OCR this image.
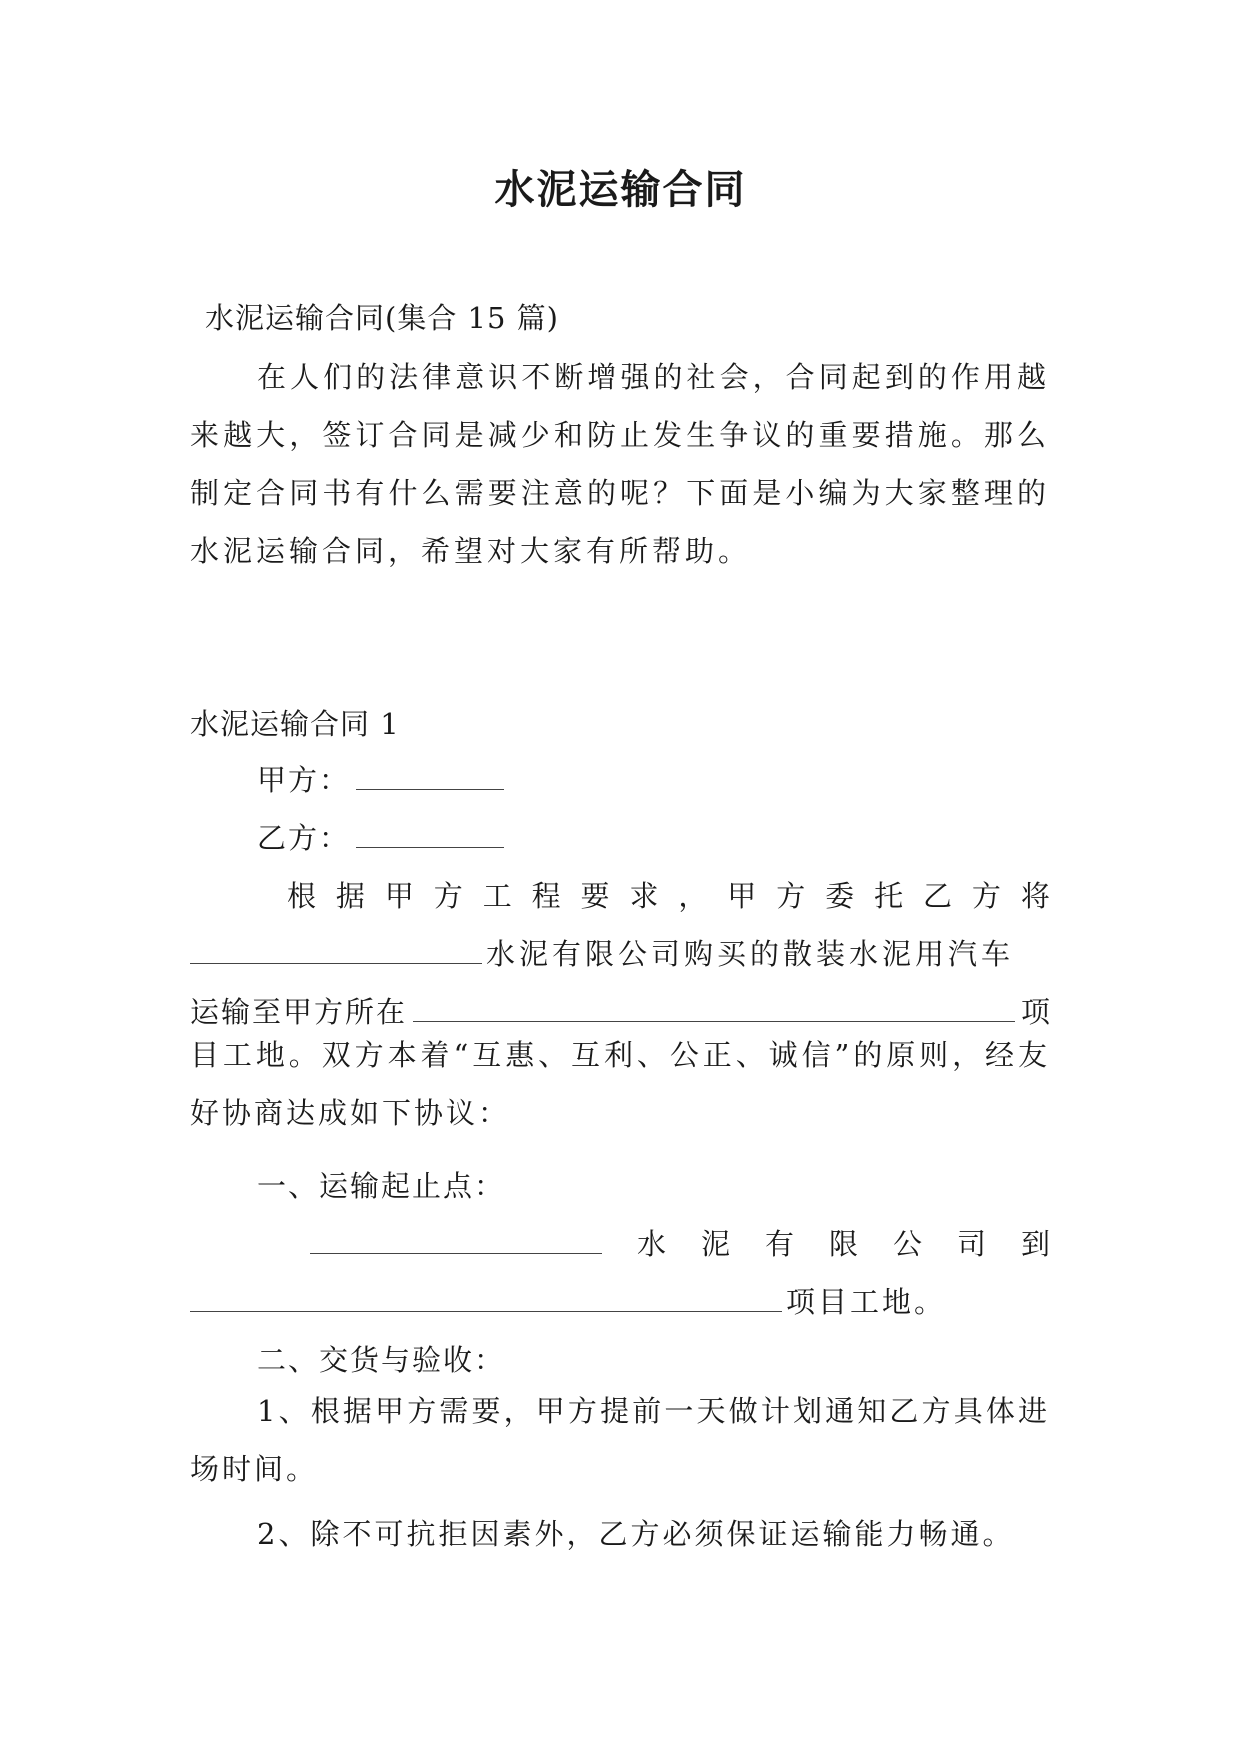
水泥运输合同

水泥运输合同(集合 15 篇)

在人们的法律意识不断增强的社会，合同起到的作用越来越大，签订合同是减少和防止发生争议的重要措施。那么制定合同书有什么需要注意的呢？下面是小编为大家整理的水泥运输合同，希望对大家有所帮助。

水泥运输合同 1

甲方：

乙方：

根 据 甲 方 工 程 要 求 ， 甲 方 委 托 乙 方 将

水泥有限公司购买的散装水泥用汽车

运输至甲方所在	项

目工地。双方本着“互惠、互利、公正、诚信”的原则，经友好协商达成如下协议：

一、运输起止点：

水 泥 有 限 公 司 到

项目工地。

二、交货与验收：

1、根据甲方需要，甲方提前一天做计划通知乙方具体进场时间。

2、除不可抗拒因素外，乙方必须保证运输能力畅通。
